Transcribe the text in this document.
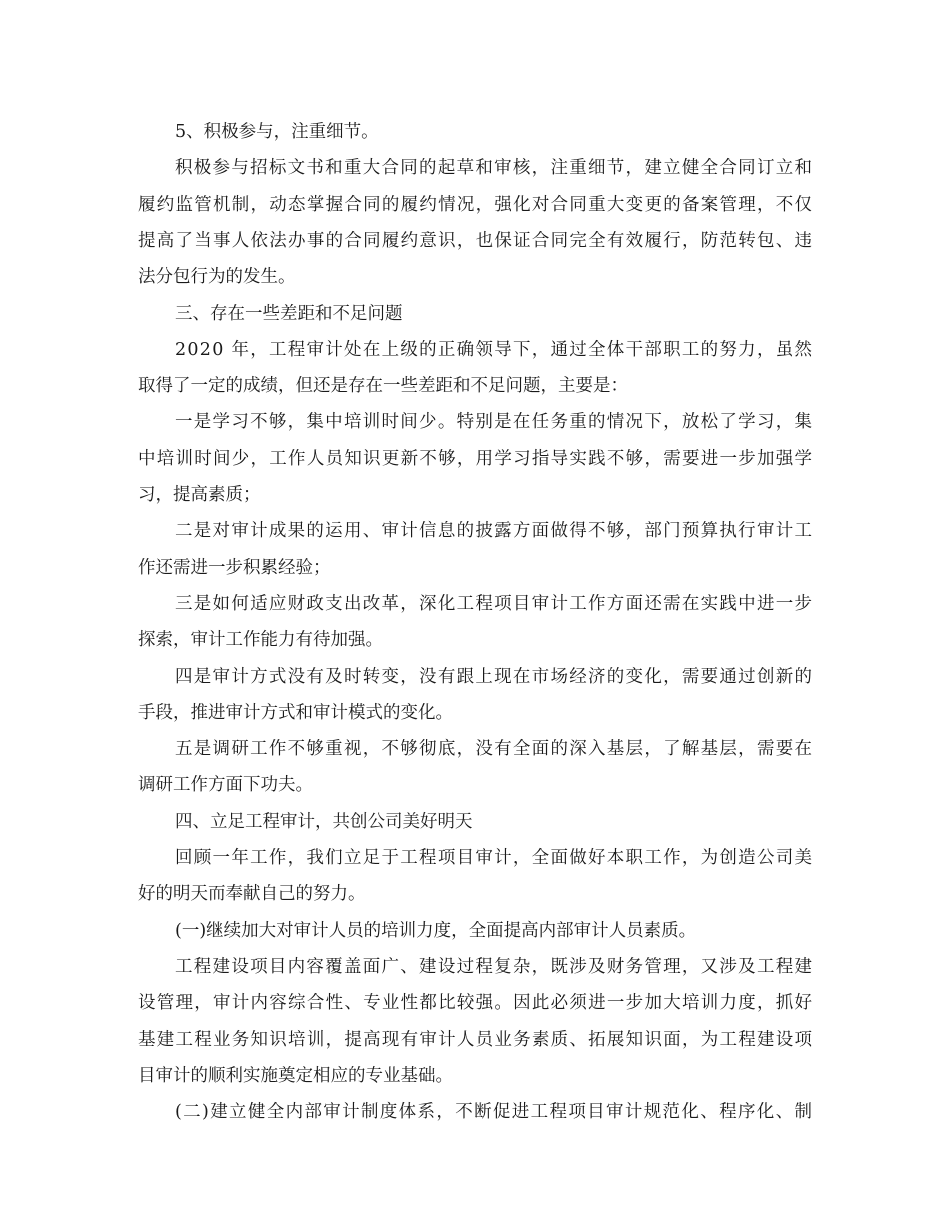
5、积极参与，注重细节。
积极参与招标文书和重大合同的起草和审核，注重细节，建立健全合同订立和
履约监管机制，动态掌握合同的履约情况，强化对合同重大变更的备案管理，不仅
提高了当事人依法办事的合同履约意识，也保证合同完全有效履行，防范转包、违
法分包行为的发生。
三、存在一些差距和不足问题
2020 年，工程审计处在上级的正确领导下，通过全体干部职工的努力，虽然
取得了一定的成绩，但还是存在一些差距和不足问题，主要是：
一是学习不够，集中培训时间少。特别是在任务重的情况下，放松了学习，集
中培训时间少，工作人员知识更新不够，用学习指导实践不够，需要进一步加强学
习，提高素质；
二是对审计成果的运用、审计信息的披露方面做得不够，部门预算执行审计工
作还需进一步积累经验；
三是如何适应财政支出改革，深化工程项目审计工作方面还需在实践中进一步
探索，审计工作能力有待加强。
四是审计方式没有及时转变，没有跟上现在市场经济的变化，需要通过创新的
手段，推进审计方式和审计模式的变化。
五是调研工作不够重视，不够彻底，没有全面的深入基层，了解基层，需要在
调研工作方面下功夫。
四、立足工程审计，共创公司美好明天
回顾一年工作，我们立足于工程项目审计，全面做好本职工作，为创造公司美
好的明天而奉献自己的努力。
(一)继续加大对审计人员的培训力度，全面提高内部审计人员素质。
工程建设项目内容覆盖面广、建设过程复杂，既涉及财务管理，又涉及工程建
设管理，审计内容综合性、专业性都比较强。因此必须进一步加大培训力度，抓好
基建工程业务知识培训，提高现有审计人员业务素质、拓展知识面，为工程建设项
目审计的顺利实施奠定相应的专业基础。
(二)建立健全内部审计制度体系，不断促进工程项目审计规范化、程序化、制
